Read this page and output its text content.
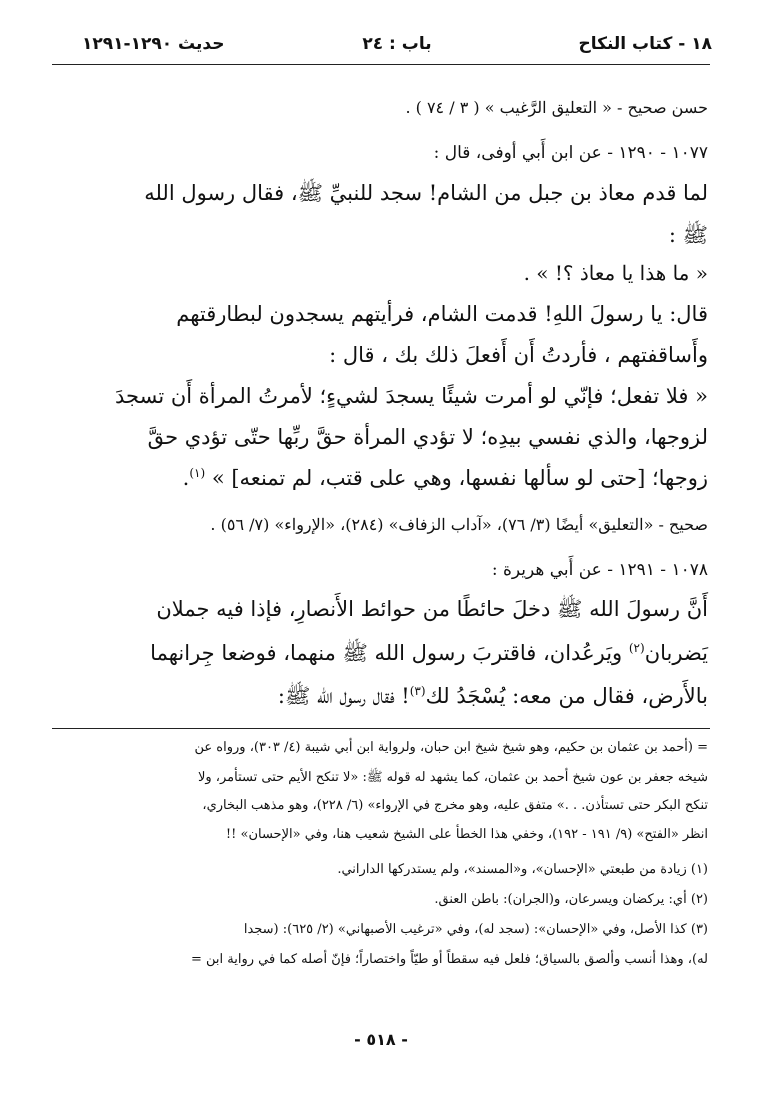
١٨ - كتاب النكاح
باب : ٢٤
حديث ١٢٩٠-١٢٩١
حسن صحيح - « التعليق الرَّغيب » ( ٣ / ٧٤ ) .
١٠٧٧ - ١٢٩٠ - عن ابن أَبي أوفى، قال :
لما قدم معاذ بن جبل من الشام! سجد للنبيِّ ﷺ، فقال رسول الله
ﷺ :
« ما هذا يا معاذ ؟! » .
قال: يا رسولَ اللهِ! قدمت الشام، فرأيتهم يسجدون لبطارقتهم
وأَساقفتهم ، فأردتُ أَن أَفعلَ ذلك بك ، قال :
« فلا تفعل؛ فإنّي لو أمرت شيئًا يسجدَ لشيءٍ؛ لأمرتُ المرأة أَن تسجدَ
لزوجها، والذي نفسي بيدِه؛ لا تؤدي المرأة حقَّ ربِّها حتّى تؤدي حقَّ
زوجها؛ [حتى لو سألها نفسها، وهي على قتب، لم تمنعه] » $^{(١)}$.
صحيح - «التعليق» أيضًا (٣/ ٧٦)، «آداب الزفاف» (٢٨٤)، «الإرواء» (٧/ ٥٦) .
١٠٧٨ - ١٢٩١ - عن أَبي هريرة :
أَنَّ رسولَ الله ﷺ دخلَ حائطًا من حوائط الأَنصارِ، فإذا فيه جملان
يَضربان$^{(٢)}$ ويَرعُدان، فاقتربَ رسول الله ﷺ منهما، فوضعا جِرانهما
بالأَرض، فقال من معه: يُسْجَدُ لك$^{(٣)}$! فقال رسول الله ﷺ:
= (أحمد بن عثمان بن حكيم، وهو شيخ شيخ ابن حبان، ولرواية ابن أبي شيبة (٤/ ٣٠٣)، ورواه عن
شيخه جعفر بن عون شيخ أحمد بن عثمان، كما يشهد له قوله ﷺ: «لا تنكح الأيم حتى تستأمر، ولا
تنكح البكر حتى تستأذن. . .» متفق عليه، وهو مخرج في الإرواء» (٦/ ٢٢٨)، وهو مذهب البخاري،
انظر «الفتح» (٩/ ١٩١ - ١٩٢)، وخفي هذا الخطأ على الشيخ شعيب هنا، وفي «الإحسان» !!
(١) زيادة من طبعتي «الإحسان»، و«المسند»، ولم يستدركها الداراني.
(٢) أي: يركضان ويسرعان، و(الجران): باطن العنق.
(٣) كذا الأصل، وفي «الإحسان»: (سجد له)، وفي «ترغيب الأصبهاني» (٢/ ٦٢٥): (سجدا
له)، وهذا أنسب وألصق بالسياق؛ فلعل فيه سقطاً أو طيّاً واختصاراً؛ فإنّ أصله كما في رواية ابن =
- ٥١٨ -
